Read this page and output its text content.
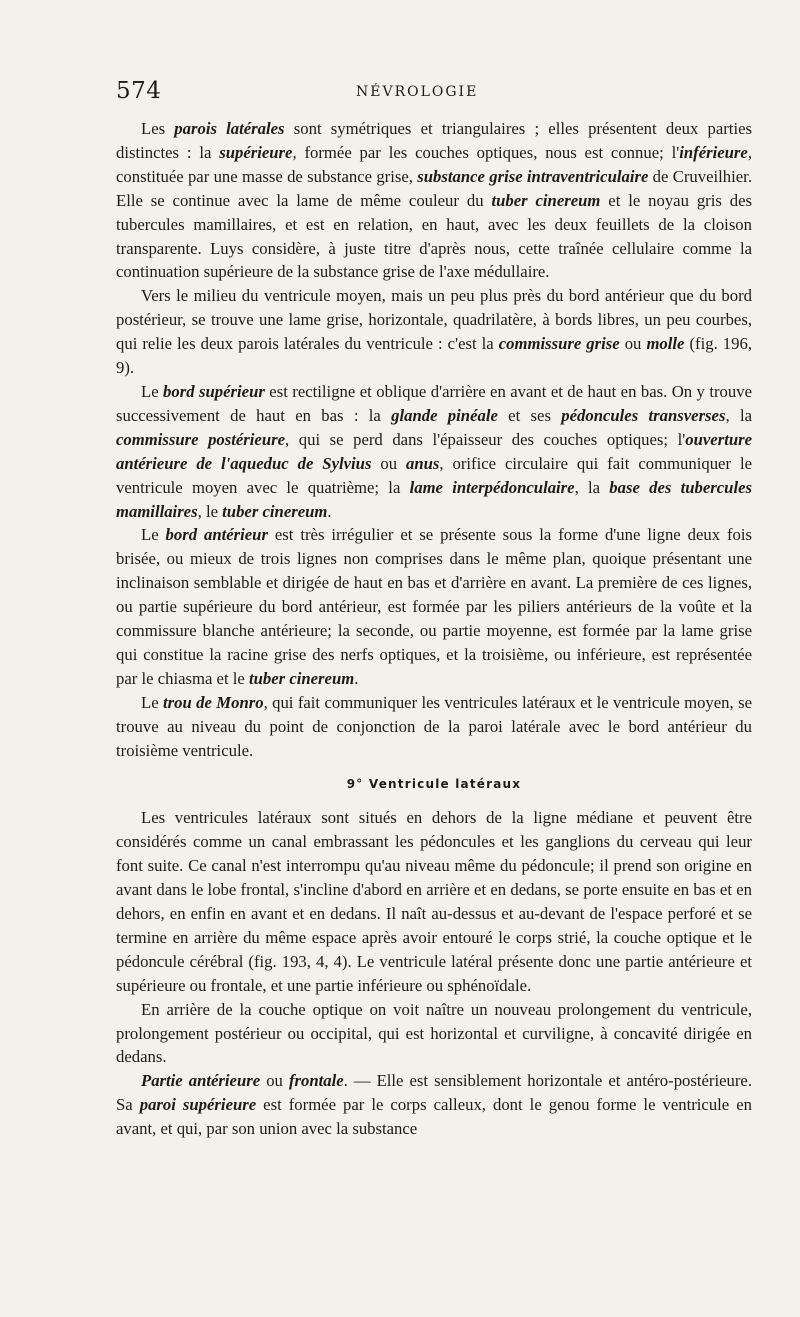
574	NÉVROLOGIE

Les parois latérales sont symétriques et triangulaires ; elles présentent deux parties distinctes : la supérieure, formée par les couches optiques, nous est connue; l'inférieure, constituée par une masse de substance grise, substance grise intraventriculaire de Cruveilhier. Elle se continue avec la lame de même couleur du tuber cinereum et le noyau gris des tubercules mamillaires, et est en relation, en haut, avec les deux feuillets de la cloison transparente. Luys considère, à juste titre d'après nous, cette traînée cellulaire comme la continuation supérieure de la substance grise de l'axe médullaire.

Vers le milieu du ventricule moyen, mais un peu plus près du bord antérieur que du bord postérieur, se trouve une lame grise, horizontale, quadrilatère, à bords libres, un peu courbes, qui relie les deux parois latérales du ventricule : c'est la commissure grise ou molle (fig. 196, 9).

Le bord supérieur est rectiligne et oblique d'arrière en avant et de haut en bas. On y trouve successivement de haut en bas : la glande pinéale et ses pédoncules transverses, la commissure postérieure, qui se perd dans l'épaisseur des couches optiques; l'ouverture antérieure de l'aqueduc de Sylvius ou anus, orifice circulaire qui fait communiquer le ventricule moyen avec le quatrième; la lame interpédonculaire, la base des tubercules mamillaires, le tuber cinereum.

Le bord antérieur est très irrégulier et se présente sous la forme d'une ligne deux fois brisée, ou mieux de trois lignes non comprises dans le même plan, quoique présentant une inclinaison semblable et dirigée de haut en bas et d'arrière en avant. La première de ces lignes, ou partie supérieure du bord antérieur, est formée par les piliers antérieurs de la voûte et la commissure blanche antérieure; la seconde, ou partie moyenne, est formée par la lame grise qui constitue la racine grise des nerfs optiques, et la troisième, ou inférieure, est représentée par le chiasma et le tuber cinereum.

Le trou de Monro, qui fait communiquer les ventricules latéraux et le ventricule moyen, se trouve au niveau du point de conjonction de la paroi latérale avec le bord antérieur du troisième ventricule.

9° Ventricule latéraux

Les ventricules latéraux sont situés en dehors de la ligne médiane et peuvent être considérés comme un canal embrassant les pédoncules et les ganglions du cerveau qui leur font suite. Ce canal n'est interrompu qu'au niveau même du pédoncule; il prend son origine en avant dans le lobe frontal, s'incline d'abord en arrière et en dedans, se porte ensuite en bas et en dehors, en enfin en avant et en dedans. Il naît au-dessus et au-devant de l'espace perforé et se termine en arrière du même espace après avoir entouré le corps strié, la couche optique et le pédoncule cérébral (fig. 193, 4, 4). Le ventricule latéral présente donc une partie antérieure et supérieure ou frontale, et une partie inférieure ou sphénoïdale.

En arrière de la couche optique on voit naître un nouveau prolongement du ventricule, prolongement postérieur ou occipital, qui est horizontal et curviligne, à concavité dirigée en dedans.

Partie antérieure ou frontale. — Elle est sensiblement horizontale et antéro-postérieure. Sa paroi supérieure est formée par le corps calleux, dont le genou forme le ventricule en avant, et qui, par son union avec la substance
